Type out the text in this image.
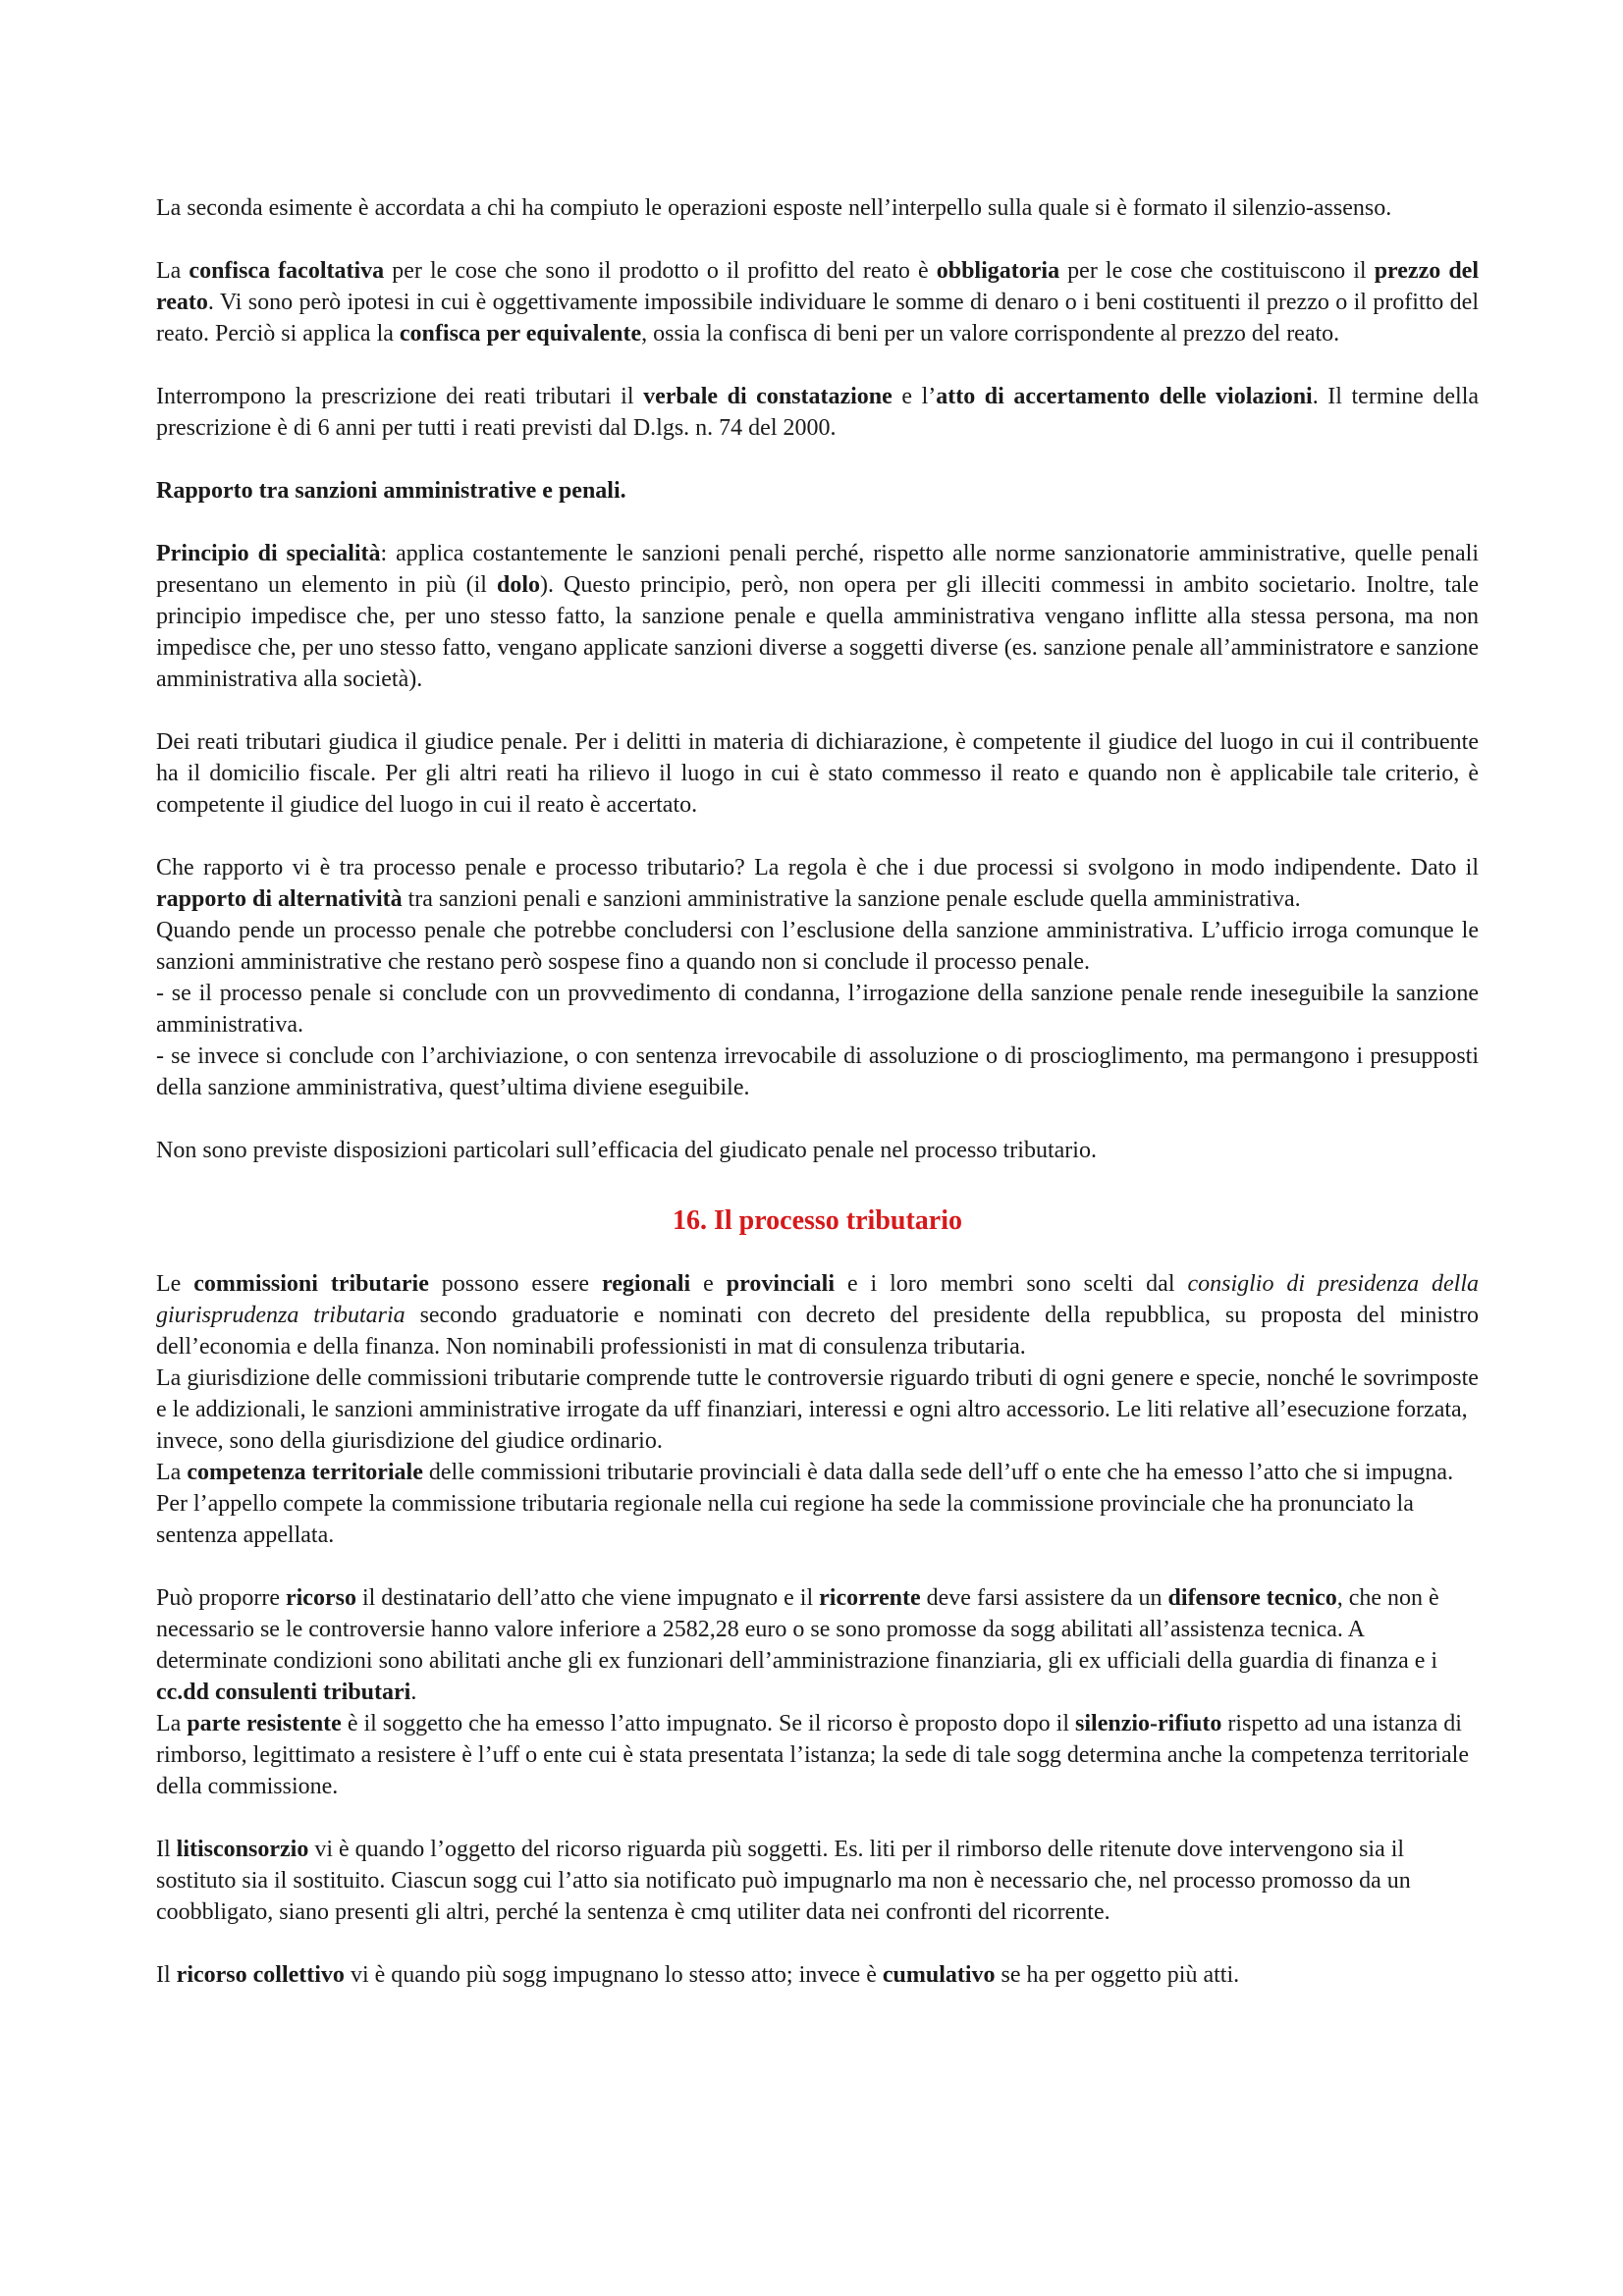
La seconda esimente è accordata a chi ha compiuto le operazioni esposte nell’interpello sulla quale si è formato il silenzio-assenso.

La confisca facoltativa per le cose che sono il prodotto o il profitto del reato è obbligatoria per le cose che costituiscono il prezzo del reato. Vi sono però ipotesi in cui è oggettivamente impossibile individuare le somme di denaro o i beni costituenti il prezzo o il profitto del reato. Perciò si applica la confisca per equivalente, ossia la confisca di beni per un valore corrispondente al prezzo del reato.

Interrompono la prescrizione dei reati tributari il verbale di constatazione e l’atto di accertamento delle violazioni. Il termine della prescrizione è di 6 anni per tutti i reati previsti dal D.lgs. n. 74 del 2000.

Rapporto tra sanzioni amministrative e penali.

Principio di specialità: applica costantemente le sanzioni penali perché, rispetto alle norme sanzionatorie amministrative, quelle penali presentano un elemento in più (il dolo). Questo principio, però, non opera per gli illeciti commessi in ambito societario. Inoltre, tale principio impedisce che, per uno stesso fatto, la sanzione penale e quella amministrativa vengano inflitte alla stessa persona, ma non impedisce che, per uno stesso fatto, vengano applicate sanzioni diverse a soggetti diverse (es. sanzione penale all’amministratore e sanzione amministrativa alla società).

Dei reati tributari giudica il giudice penale. Per i delitti in materia di dichiarazione, è competente il giudice del luogo in cui il contribuente ha il domicilio fiscale. Per gli altri reati ha rilievo il luogo in cui è stato commesso il reato e quando non è applicabile tale criterio, è competente il giudice del luogo in cui il reato è accertato.

Che rapporto vi è tra processo penale e processo tributario? La regola è che i due processi si svolgono in modo indipendente. Dato il rapporto di alternatività tra sanzioni penali e sanzioni amministrative la sanzione penale esclude quella amministrativa.

Quando pende un processo penale che potrebbe concludersi con l’esclusione della sanzione amministrativa. L’ufficio irroga comunque le sanzioni amministrative che restano però sospese fino a quando non si conclude il processo penale.

- se il processo penale si conclude con un provvedimento di condanna, l’irrogazione della sanzione penale rende ineseguibile la sanzione amministrativa.

- se invece si conclude con l’archiviazione, o con sentenza irrevocabile di assoluzione o di proscioglimento, ma permangono i presupposti della sanzione amministrativa, quest’ultima diviene eseguibile.

Non sono previste disposizioni particolari sull’efficacia del giudicato penale nel processo tributario.

16. Il processo tributario

Le commissioni tributarie possono essere regionali e provinciali e i loro membri sono scelti dal consiglio di presidenza della giurisprudenza tributaria secondo graduatorie e nominati con decreto del presidente della repubblica, su proposta del ministro dell’economia e della finanza. Non nominabili professionisti in mat di consulenza tributaria.

La giurisdizione delle commissioni tributarie comprende tutte le controversie riguardo tributi di ogni genere e specie, nonché le sovrimposte e le addizionali, le sanzioni amministrative irrogate da uff finanziari, interessi e ogni altro accessorio. Le liti relative all’esecuzione forzata, invece, sono della giurisdizione del giudice ordinario.

La competenza territoriale delle commissioni tributarie provinciali è data dalla sede dell’uff o ente che ha emesso l’atto che si impugna. Per l’appello compete la commissione tributaria regionale nella cui regione ha sede la commissione provinciale che ha pronunciato la sentenza appellata.

Può proporre ricorso il destinatario dell’atto che viene impugnato e il ricorrente deve farsi assistere da un difensore tecnico, che non è necessario se le controversie hanno valore inferiore a 2582,28 euro o se sono promosse da sogg abilitati all’assistenza tecnica. A determinate condizioni sono abilitati anche gli ex funzionari dell’amministrazione finanziaria, gli ex ufficiali della guardia di finanza e i cc.dd consulenti tributari.

La parte resistente è il soggetto che ha emesso l’atto impugnato. Se il ricorso è proposto dopo il silenzio-rifiuto rispetto ad una istanza di rimborso, legittimato a resistere è l’uff o ente cui è stata presentata l’istanza; la sede di tale sogg determina anche la competenza territoriale della commissione.

Il litisconsorzio vi è quando l’oggetto del ricorso riguarda più soggetti. Es. liti per il rimborso delle ritenute dove intervengono sia il sostituto sia il sostituito. Ciascun sogg cui l’atto sia notificato può impugnarlo ma non è necessario che, nel processo promosso da un coobbligato, siano presenti gli altri, perché la sentenza è cmq utiliter data nei confronti del ricorrente.

Il ricorso collettivo vi è quando più sogg impugnano lo stesso atto; invece è cumulativo se ha per oggetto più atti.
